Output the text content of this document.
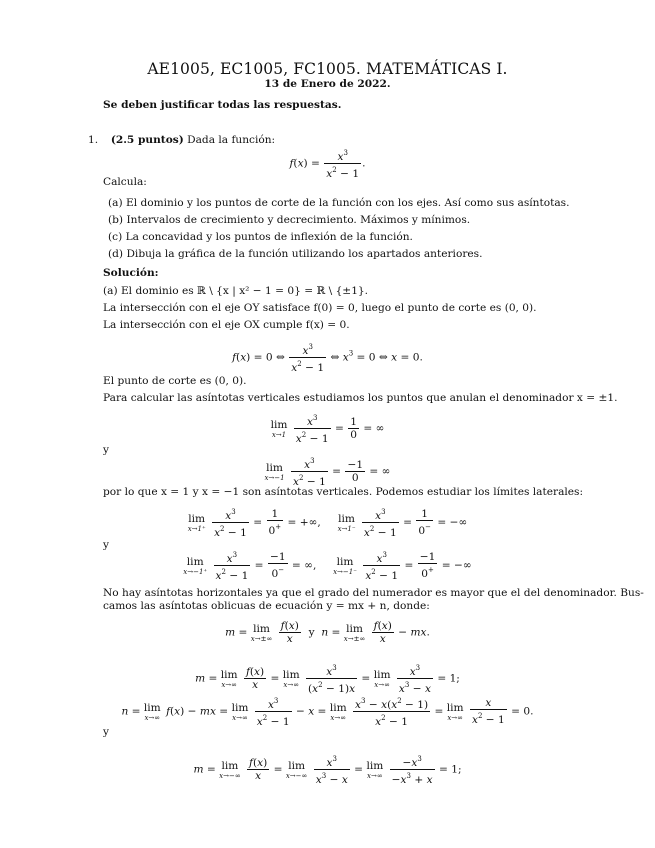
AE1005, EC1005, FC1005. MATEMÁTICAS I.
13 de Enero de 2022.
Se deben justificar todas las respuestas.
1. (2.5 puntos) Dada la función:
$f(x) = \frac{x^3}{x^2 - 1}$ .
Calcula:
(a) El dominio y los puntos de corte de la función con los ejes. Así como sus asíntotas.
(b) Intervalos de crecimiento y decrecimiento. Máximos y mínimos.
(c) La concavidad y los puntos de inflexión de la función.
(d) Dibuja la gráfica de la función utilizando los apartados anteriores.
Solución:
(a) El dominio es ℝ \ {x | x² − 1 = 0} = ℝ \ {±1}.
La intersección con el eje OY satisface f(0) = 0, luego el punto de corte es (0, 0).
La intersección con el eje OX cumple f(x) = 0.
f(x) = 0 ⇔ $\frac{x^3}{x^2 - 1}$ ⇔ $x^3 = 0$ ⇔ x = 0.
El punto de corte es (0, 0).
Para calcular las asíntotas verticales estudiamos los puntos que anulan el denominador x = ±1.
lim
x→1
$\frac{x^3}{x^2 - 1} = \frac{1}{0}$ = ∞
y
lim
x→−1
$\frac{x^3}{x^2 - 1} = \frac{-1}{0}$ = ∞
por lo que x = 1 y x = −1 son asíntotas verticales. Podemos estudiar los límites laterales:
lim
x→1⁺
$\frac{x^3}{x^2 - 1} = \frac{1}{0^+}$ = +∞, lim
x→1⁻
$\frac{x^3}{x^2 - 1} = \frac{1}{0^-}$ = −∞
y
lim
x→−1⁺
$\frac{x^3}{x^2 - 1} = \frac{-1}{0^-}$ = ∞,	lim
x→−1⁻
$\frac{x^3}{x^2 - 1} = \frac{-1}{0^+}$ = −∞
No hay asíntotas horizontales ya que el grado del numerador es mayor que el del denominador. Bus-
camos las asíntotas oblicuas de ecuación y = mx + n, donde:
m = lim
x→±∞
$\frac{f(x)}{x}$ y  n = lim
x→±∞
$\frac{f(x)}{x}$ − mx.
m = lim
x→∞
$\frac{f(x)}{x} = \lim$
x→∞
$\frac{x^3}{(x^2 - 1)x} = \lim$
x→∞
$\frac{x^3}{x^3 - x} = 1$;
n = lim
x→∞ f(x) − mx = lim
x→∞
$\frac{x^3}{x^2 - 1} - x = \lim$
x→∞
$\frac{x^3 - x(x^2 - 1)}{x^2 - 1} = \lim$
x→∞
$\frac{x}{x^2 - 1} = 0$.
y
m = lim
x→−∞
$\frac{f(x)}{x} = \lim$
x→−∞
$\frac{x^3}{x^3 - x} = \lim$
x→∞
$\frac{-x^3}{-x^3 + x} = 1$;
